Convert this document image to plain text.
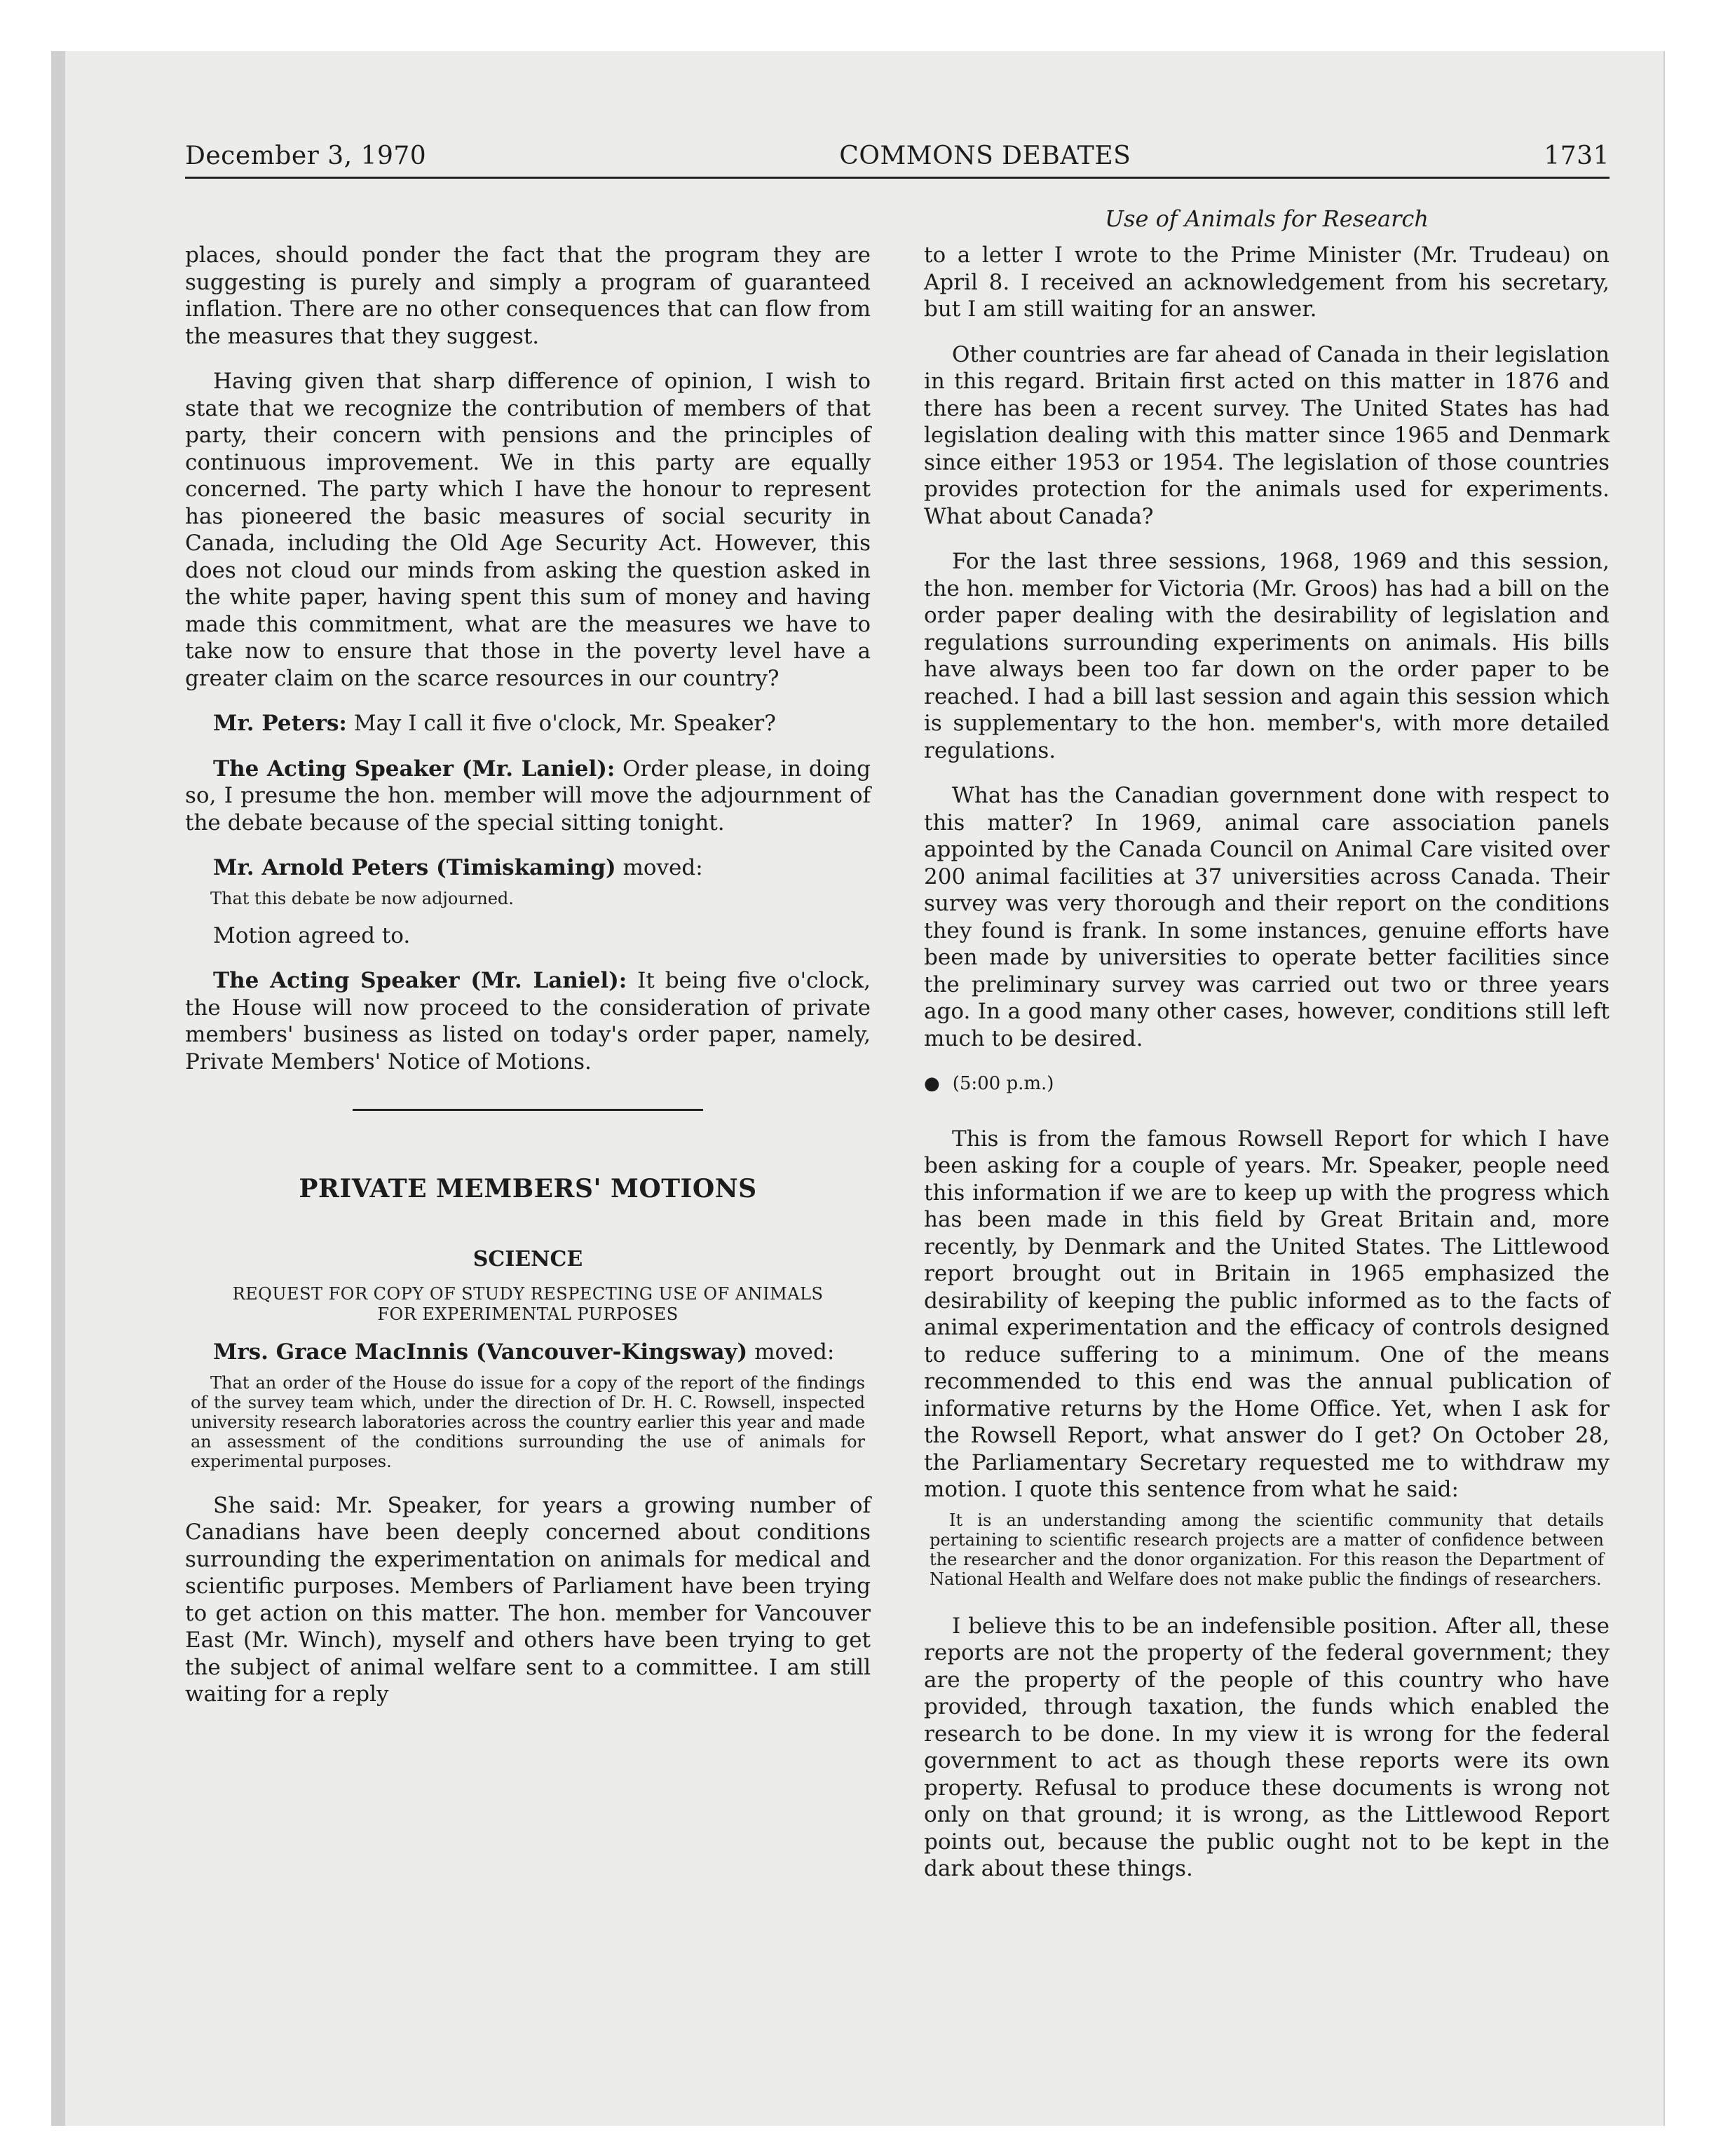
December 3, 1970	COMMONS DEBATES	1731
Use of Animals for Research

places, should ponder the fact that the program they are suggesting is purely and simply a program of guaranteed inflation. There are no other consequences that can flow from the measures that they suggest.

Having given that sharp difference of opinion, I wish to state that we recognize the contribution of members of that party, their concern with pensions and the principles of continuous improvement. We in this party are equally concerned. The party which I have the honour to represent has pioneered the basic measures of social security in Canada, including the Old Age Security Act. However, this does not cloud our minds from asking the question asked in the white paper, having spent this sum of money and having made this commitment, what are the measures we have to take now to ensure that those in the poverty level have a greater claim on the scarce resources in our country?

Mr. Peters: May I call it five o'clock, Mr. Speaker?

The Acting Speaker (Mr. Laniel): Order please, in doing so, I presume the hon. member will move the adjournment of the debate because of the special sitting tonight.

Mr. Arnold Peters (Timiskaming) moved:

That this debate be now adjourned.

Motion agreed to.

The Acting Speaker (Mr. Laniel): It being five o'clock, the House will now proceed to the consideration of private members' business as listed on today's order paper, namely, Private Members' Notice of Motions.

PRIVATE MEMBERS' MOTIONS
SCIENCE
REQUEST FOR COPY OF STUDY RESPECTING USE OF ANIMALS FOR EXPERIMENTAL PURPOSES

Mrs. Grace MacInnis (Vancouver-Kingsway) moved:

That an order of the House do issue for a copy of the report of the findings of the survey team which, under the direction of Dr. H. C. Rowsell, inspected university research laboratories across the country earlier this year and made an assessment of the conditions surrounding the use of animals for experimental purposes.

She said: Mr. Speaker, for years a growing number of Canadians have been deeply concerned about conditions surrounding the experimentation on animals for medical and scientific purposes. Members of Parliament have been trying to get action on this matter. The hon. member for Vancouver East (Mr. Winch), myself and others have been trying to get the subject of animal welfare sent to a committee. I am still waiting for a reply

to a letter I wrote to the Prime Minister (Mr. Trudeau) on April 8. I received an acknowledgement from his secretary, but I am still waiting for an answer.

Other countries are far ahead of Canada in their legislation in this regard. Britain first acted on this matter in 1876 and there has been a recent survey. The United States has had legislation dealing with this matter since 1965 and Denmark since either 1953 or 1954. The legislation of those countries provides protection for the animals used for experiments. What about Canada?

For the last three sessions, 1968, 1969 and this session, the hon. member for Victoria (Mr. Groos) has had a bill on the order paper dealing with the desirability of legislation and regulations surrounding experiments on animals. His bills have always been too far down on the order paper to be reached. I had a bill last session and again this session which is supplementary to the hon. member's, with more detailed regulations.

What has the Canadian government done with respect to this matter? In 1969, animal care association panels appointed by the Canada Council on Animal Care visited over 200 animal facilities at 37 universities across Canada. Their survey was very thorough and their report on the conditions they found is frank. In some instances, genuine efforts have been made by universities to operate better facilities since the preliminary survey was carried out two or three years ago. In a good many other cases, however, conditions still left much to be desired.

● (5:00 p.m.)

This is from the famous Rowsell Report for which I have been asking for a couple of years. Mr. Speaker, people need this information if we are to keep up with the progress which has been made in this field by Great Britain and, more recently, by Denmark and the United States. The Littlewood report brought out in Britain in 1965 emphasized the desirability of keeping the public informed as to the facts of animal experimentation and the efficacy of controls designed to reduce suffering to a minimum. One of the means recommended to this end was the annual publication of informative returns by the Home Office. Yet, when I ask for the Rowsell Report, what answer do I get? On October 28, the Parliamentary Secretary requested me to withdraw my motion. I quote this sentence from what he said:

It is an understanding among the scientific community that details pertaining to scientific research projects are a matter of confidence between the researcher and the donor organization. For this reason the Department of National Health and Welfare does not make public the findings of researchers.

I believe this to be an indefensible position. After all, these reports are not the property of the federal government; they are the property of the people of this country who have provided, through taxation, the funds which enabled the research to be done. In my view it is wrong for the federal government to act as though these reports were its own property. Refusal to produce these documents is wrong not only on that ground; it is wrong, as the Littlewood Report points out, because the public ought not to be kept in the dark about these things.
